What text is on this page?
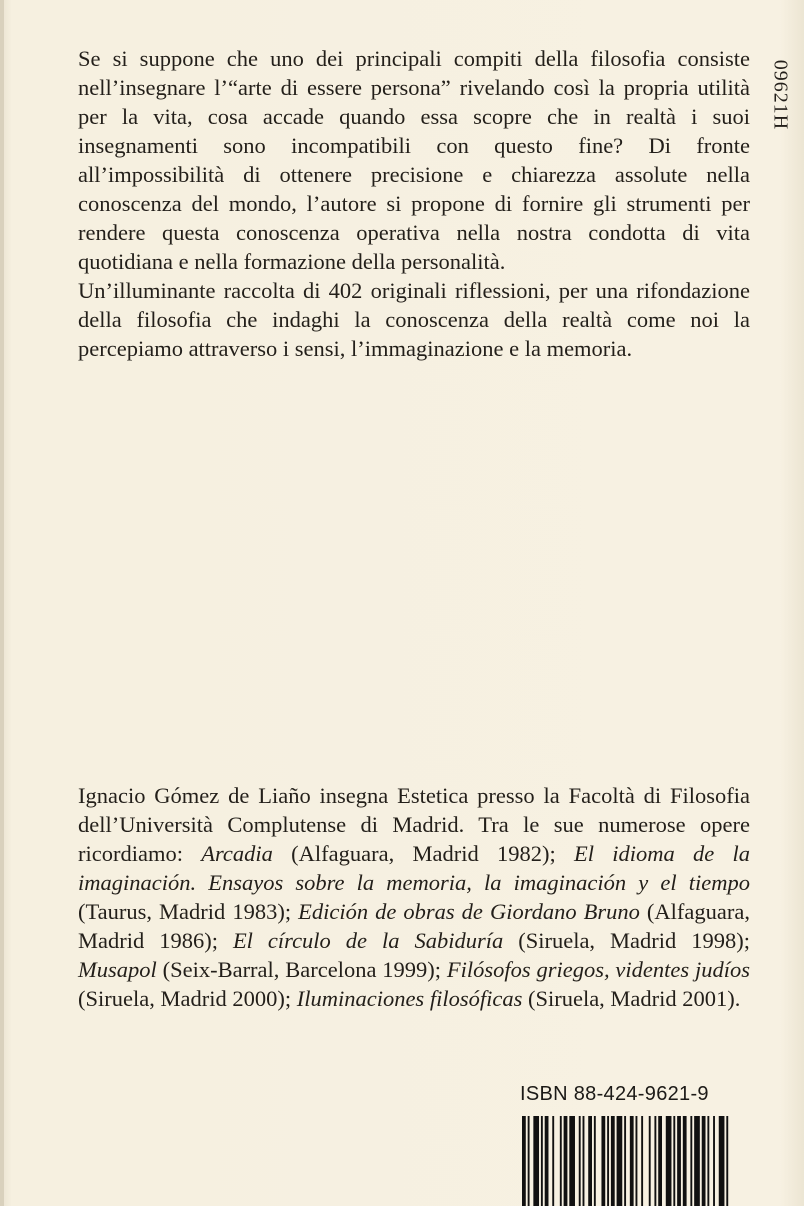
Se si suppone che uno dei principali compiti della filosofia consiste nell’insegnare l’“arte di essere persona” rivelando così la propria utilità per la vita, cosa accade quando essa scopre che in realtà i suoi insegnamenti sono incompatibili con questo fine? Di fronte all’impossibilità di ottenere precisione e chiarezza assolute nella conoscenza del mondo, l’autore si propone di fornire gli strumenti per rendere questa conoscenza operativa nella nostra condotta di vita quotidiana e nella formazione della personalità.

Un’illuminante raccolta di 402 originali riflessioni, per una rifondazione della filosofia che indaghi la conoscenza della realtà come noi la percepiamo attraverso i sensi, l’immaginazione e la memoria.

09621H

Ignacio Gómez de Liaño insegna Estetica presso la Facoltà di Filosofia dell’Università Complutense di Madrid. Tra le sue numerose opere ricordiamo: Arcadia (Alfaguara, Madrid 1982); El idioma de la imaginación. Ensayos sobre la memoria, la imaginación y el tiempo (Taurus, Madrid 1983); Edición de obras de Giordano Bruno (Alfaguara, Madrid 1986); El círculo de la Sabiduría (Siruela, Madrid 1998); Musapol (Seix-Barral, Barcelona 1999); Filósofos griegos, videntes judíos (Siruela, Madrid 2000); Iluminaciones filosóficas (Siruela, Madrid 2001).

ISBN 88-424-9621-9
